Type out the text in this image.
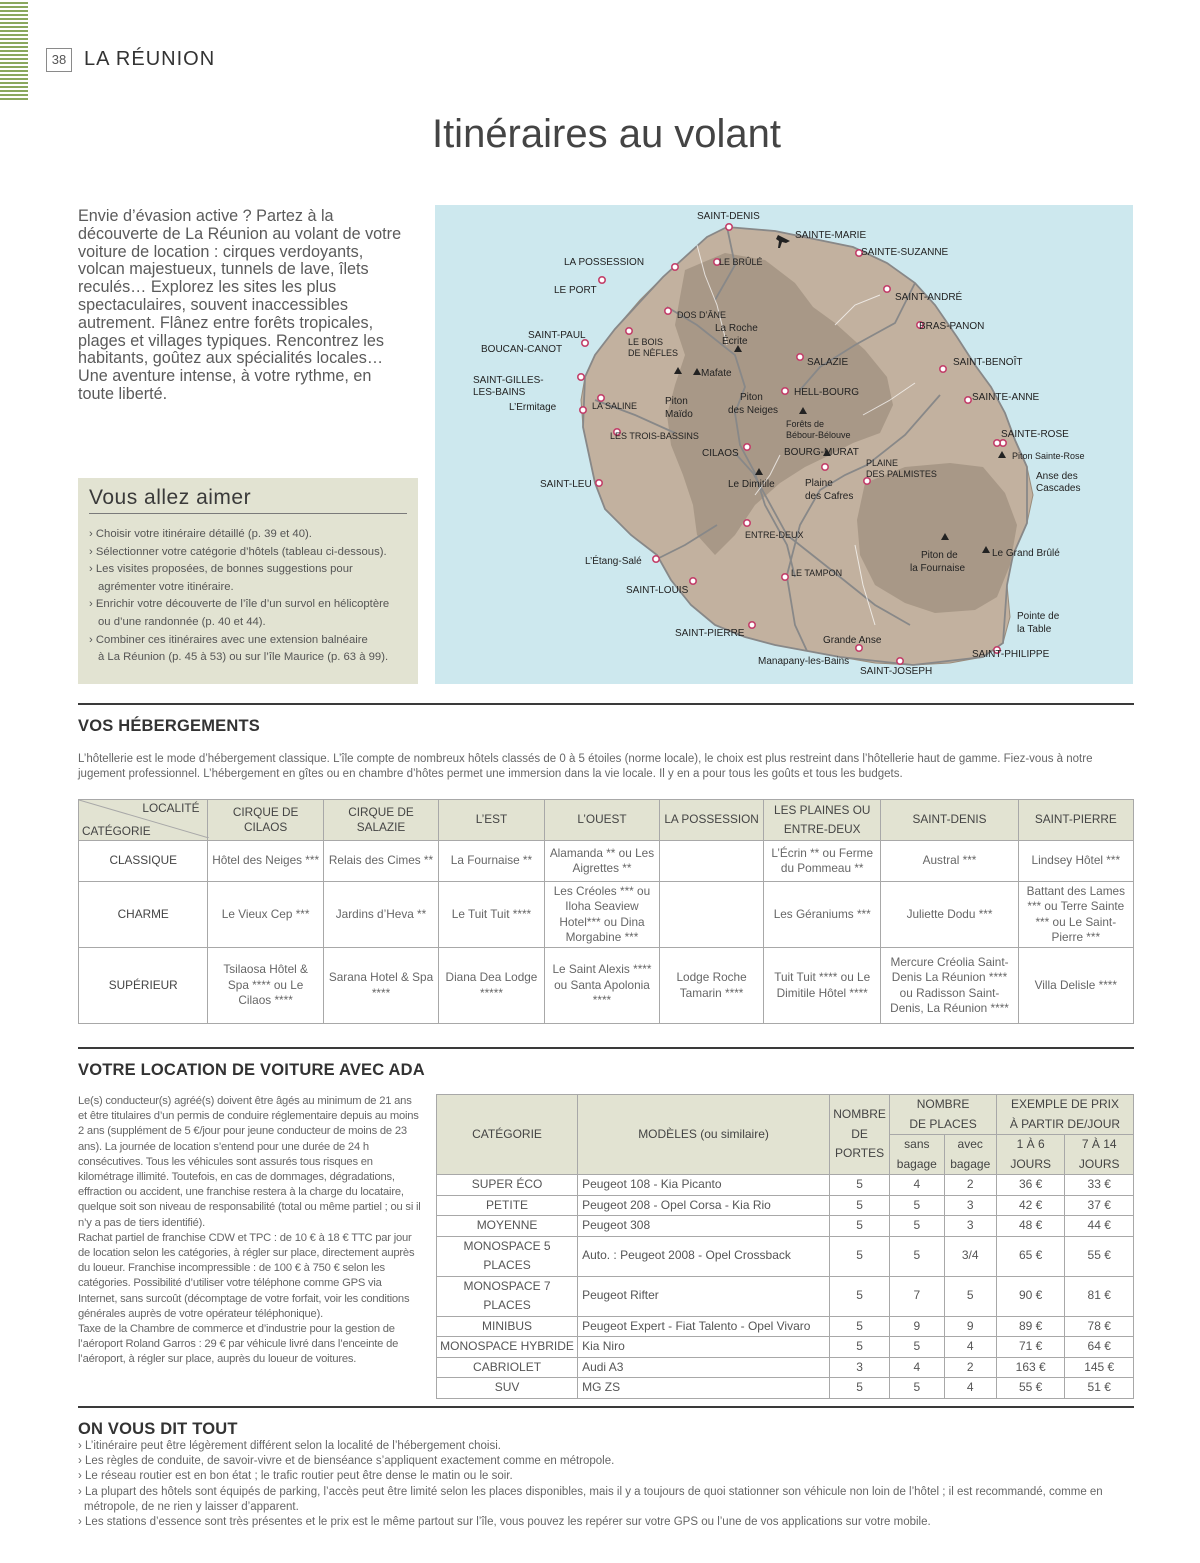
38 LA RÉUNION
Itinéraires au volant

Envie d’évasion active ? Partez à la découverte de La Réunion au volant de votre voiture de location : cirques verdoyants, volcan majestueux, tunnels de lave, îlets reculés… Explorez les sites les plus spectaculaires, souvent inaccessibles autrement. Flânez entre forêts tropicales, plages et villages typiques. Rencontrez les habitants, goûtez aux spécialités locales… Une aventure intense, à votre rythme, en toute liberté.

Vous allez aimer
› Choisir votre itinéraire détaillé (p. 39 et 40).
› Sélectionner votre catégorie d’hôtels (tableau ci-dessous).
› Les visites proposées, de bonnes suggestions pour
agrémenter votre itinéraire.
› Enrichir votre découverte de l’île d’un survol en hélicoptère
ou d’une randonnée (p. 40 et 44).
› Combiner ces itinéraires avec une extension balnéaire
à La Réunion (p. 45 à 53) ou sur l’île Maurice (p. 63 à 99).
SAINT-DENIS
SAINTE-MARIE
SAINTE-SUZANNE
SAINT-ANDRÉ
BRAS-PANON
SAINT-BENOÎT
SAINTE-ANNE
SAINTE-ROSE
Piton Sainte-Rose
Anse des
Cascades
Le Grand Brûlé
Pointe de
la Table
SAINT-PHILIPPE
SAINT-JOSEPH
Manapany-les-Bains
Grande Anse
SAINT-PIERRE
LE TAMPON
SAINT-LOUIS
L’Étang-Salé
SAINT-LEU
LES TROIS-BASSINS
LA SALINE
L’Ermitage
SAINT-GILLES-
LES-BAINS
BOUCAN-CANOT
SAINT-PAUL
LE PORT
LA POSSESSION	LE BRÛLÉ
DOS D’ÂNE
La Roche
Écrite
LE BOIS
DE NÈFLES
Mafate
Piton
Maïdo
SALAZIE
HELL-BOURG
Piton
des Neiges
Forêts de
Bébour-Bélouve
CILAOS	BOURG-MURAT
PLAINE
DES PALMISTES
Le Dimitile	Plaine
des Cafres
ENTRE-DEUX
Piton de
la Fournaise
VOS HÉBERGEMENTS

L’hôtellerie est le mode d’hébergement classique. L’île compte de nombreux hôtels classés de 0 à 5 étoiles (norme locale), le choix est plus restreint dans l’hôtellerie haut de gamme. Fiez-vous à notre jugement professionnel. L’hébergement en gîtes ou en chambre d’hôtes permet une immersion dans la vie locale. Il y en a pour tous les goûts et tous les budgets.

LOCALITÉ
CATÉGORIE	CIRQUE DE CILAOS	CIRQUE DE SALAZIE	L’EST	L’OUEST	LA POSSESSION	LES PLAINES OU ENTRE-DEUX	SAINT-DENIS	SAINT-PIERRE
CLASSIQUE	Hôtel des Neiges ***	Relais des Cimes **	La Fournaise **	Alamanda ** ou Les Aigrettes **		L’Écrin ** ou Ferme du Pommeau **	Austral ***	Lindsey Hôtel ***
CHARME	Le Vieux Cep ***	Jardins d’Heva **	Le Tuit Tuit ****	Les Créoles *** ou Iloha Seaview Hotel*** ou Dina Morgabine ***		Les Géraniums ***	Juliette Dodu ***	Battant des Lames *** ou Terre Sainte *** ou Le Saint-Pierre ***
SUPÉRIEUR	Tsilaosa Hôtel & Spa **** ou Le Cilaos ****	Sarana Hotel & Spa ****	Diana Dea Lodge *****	Le Saint Alexis **** ou Santa Apolonia ****	Lodge Roche Tamarin ****	Tuit Tuit **** ou Le Dimitile Hôtel ****	Mercure Créolia Saint-Denis La Réunion **** ou Radisson Saint-Denis, La Réunion ****	Villa Delisle ****
VOTRE LOCATION DE VOITURE AVEC ADA
Le(s) conducteur(s) agréé(s) doivent être âgés au minimum de 21 ans et être titulaires d’un permis de conduire réglementaire depuis au moins 2 ans (supplément de 5 €/jour pour jeune conducteur de moins de 23 ans). La journée de location s’entend pour une durée de 24 h consécutives. Tous les véhicules sont assurés tous risques en kilométrage illimité. Toutefois, en cas de dommages, dégradations, effraction ou accident, une franchise restera à la charge du locataire, quelque soit son niveau de responsabilité (total ou même partiel ; ou si il n’y a pas de tiers identifié).
Rachat partiel de franchise CDW et TPC : de 10 € à 18 € TTC par jour de location selon les catégories, à régler sur place, directement auprès du loueur. Franchise incompressible : de 100 € à 750 € selon les catégories. Possibilité d’utiliser votre téléphone comme GPS via Internet, sans surcoût (décomptage de votre forfait, voir les conditions générales auprès de votre opérateur téléphonique).
Taxe de la Chambre de commerce et d’industrie pour la gestion de l’aéroport Roland Garros : 29 € par véhicule livré dans l’enceinte de l’aéroport, à régler sur place, auprès du loueur de voitures.
CATÉGORIE	MODÈLES (ou similaire)	NOMBRE
DE
PORTES	NOMBRE
DE PLACES		EXEMPLE DE PRIX
À PARTIR DE/JOUR	

			sans
bagage	avec
bagage	1 À 6
JOURS	7 À 14
JOURS

SUPER ÉCO	Peugeot 108 - Kia Picanto	5	4	2	36 €	33 €
PETITE	Peugeot 208 - Opel Corsa - Kia Rio	5	5	3	42 €	37 €
MOYENNE	Peugeot 308	5	5	3	48 €	44 €
MONOSPACE 5 PLACES	Auto. : Peugeot 2008 - Opel Crossback	5	5	3/4	65 €	55 €
MONOSPACE 7 PLACES	Peugeot Rifter	5	7	5	90 €	81 €
MINIBUS	Peugeot Expert - Fiat Talento - Opel Vivaro	5	9	9	89 €	78 €
MONOSPACE HYBRIDE	Kia Niro	5	5	4	71 €	64 €
CABRIOLET	Audi A3	3	4	2	163 €	145 €
SUV	MG ZS	5	5	4	55 €	51 €
ON VOUS DIT TOUT
› L’itinéraire peut être légèrement différent selon la localité de l’hébergement choisi.
› Les règles de conduite, de savoir-vivre et de bienséance s’appliquent exactement comme en métropole.
› Le réseau routier est en bon état ; le trafic routier peut être dense le matin ou le soir.
› La plupart des hôtels sont équipés de parking, l’accès peut être limité selon les places disponibles, mais il y a toujours de quoi stationner son véhicule non loin de l’hôtel ; il est recommandé, comme en
métropole, de ne rien y laisser d’apparent.
› Les stations d’essence sont très présentes et le prix est le même partout sur l’île, vous pouvez les repérer sur votre GPS ou l’une de vos applications sur votre mobile.
